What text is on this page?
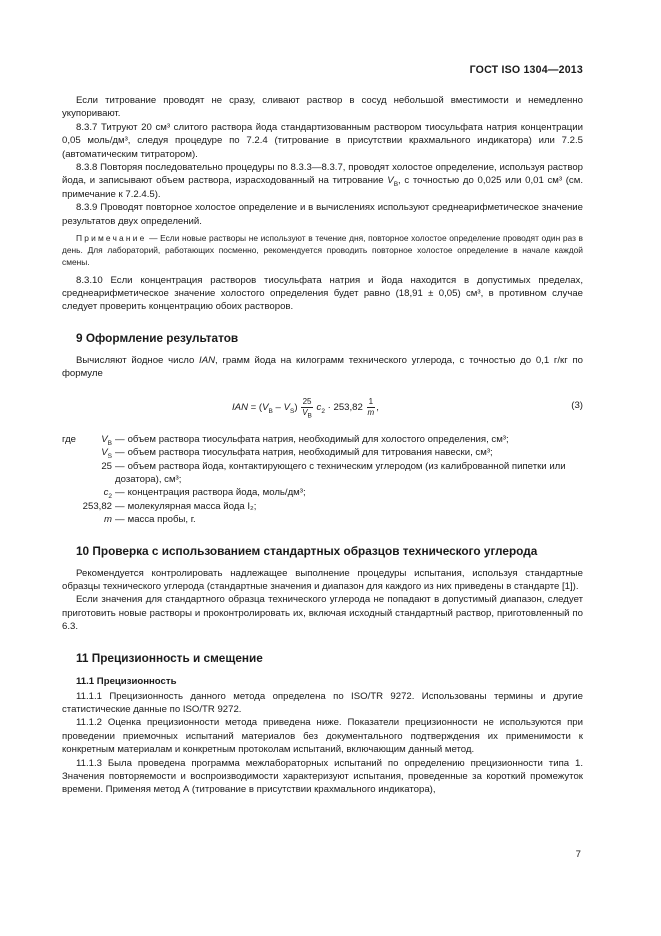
ГОСТ ISO 1304—2013

Если титрование проводят не сразу, сливают раствор в сосуд небольшой вместимости и немедленно укупоривают.

8.3.7 Титруют 20 см³ слитого раствора йода стандартизованным раствором тиосульфата натрия концентрации 0,05 моль/дм³, следуя процедуре по 7.2.4 (титрование в присутствии крахмального индикатора) или 7.2.5 (автоматическим титратором).

8.3.8 Повторяя последовательно процедуры по 8.3.3—8.3.7, проводят холостое определение, используя раствор йода, и записывают объем раствора, израсходованный на титрование $V_B$, с точностью до 0,025 или 0,01 см³ (см. примечание к 7.2.4.5).

8.3.9 Проводят повторное холостое определение и в вычислениях используют среднеарифметическое значение результатов двух определений.

Примечание — Если новые растворы не используют в течение дня, повторное холостое определение проводят один раз в день. Для лабораторий, работающих посменно, рекомендуется проводить повторное холостое определение в начале каждой смены.

8.3.10 Если концентрация растворов тиосульфата натрия и йода находится в допустимых пределах, среднеарифметическое значение холостого определения будет равно (18,91 ± 0,05) см³, в противном случае следует проверить концентрацию обоих растворов.

9 Оформление результатов

Вычисляют йодное число IAN, грамм йода на килограмм технического углерода, с точностью до 0,1 г/кг по формуле

IAN = $(V_B - V_S) \frac{25}{V_B} c_2 \cdot 253,82 \frac{1}{m}$ ,	(3)
где	$V_B$ — объем раствора тиосульфата натрия, необходимый для холостого определения, см³;
$V_S$ — объем раствора тиосульфата натрия, необходимый для титрования навески, см³;
25 — объем раствора йода, контактирующего с техническим углеродом (из калиброванной пипетки или дозатора), см³;
$c_2$ — концентрация раствора йода, моль/дм³;
253,82 — молекулярная масса йода I₂;
m — масса пробы, г.
10 Проверка с использованием стандартных образцов технического углерода

Рекомендуется контролировать надлежащее выполнение процедуры испытания, используя стандартные образцы технического углерода (стандартные значения и диапазон для каждого из них приведены в стандарте [1]).

Если значения для стандартного образца технического углерода не попадают в допустимый диапазон, следует приготовить новые растворы и проконтролировать их, включая исходный стандартный раствор, приготовленный по 6.3.

11 Прецизионность и смещение
11.1 Прецизионность

11.1.1 Прецизионность данного метода определена по ISO/TR 9272. Использованы термины и другие статистические данные по ISO/TR 9272.

11.1.2 Оценка прецизионности метода приведена ниже. Показатели прецизионности не используются при проведении приемочных испытаний материалов без документального подтверждения их применимости к конкретным материалам и конкретным протоколам испытаний, включающим данный метод.

11.1.3 Была проведена программа межлабораторных испытаний по определению прецизионности типа 1. Значения повторяемости и воспроизводимости характеризуют испытания, проведенные за короткий промежуток времени. Применяя метод А (титрование в присутствии крахмального индикатора),

7
